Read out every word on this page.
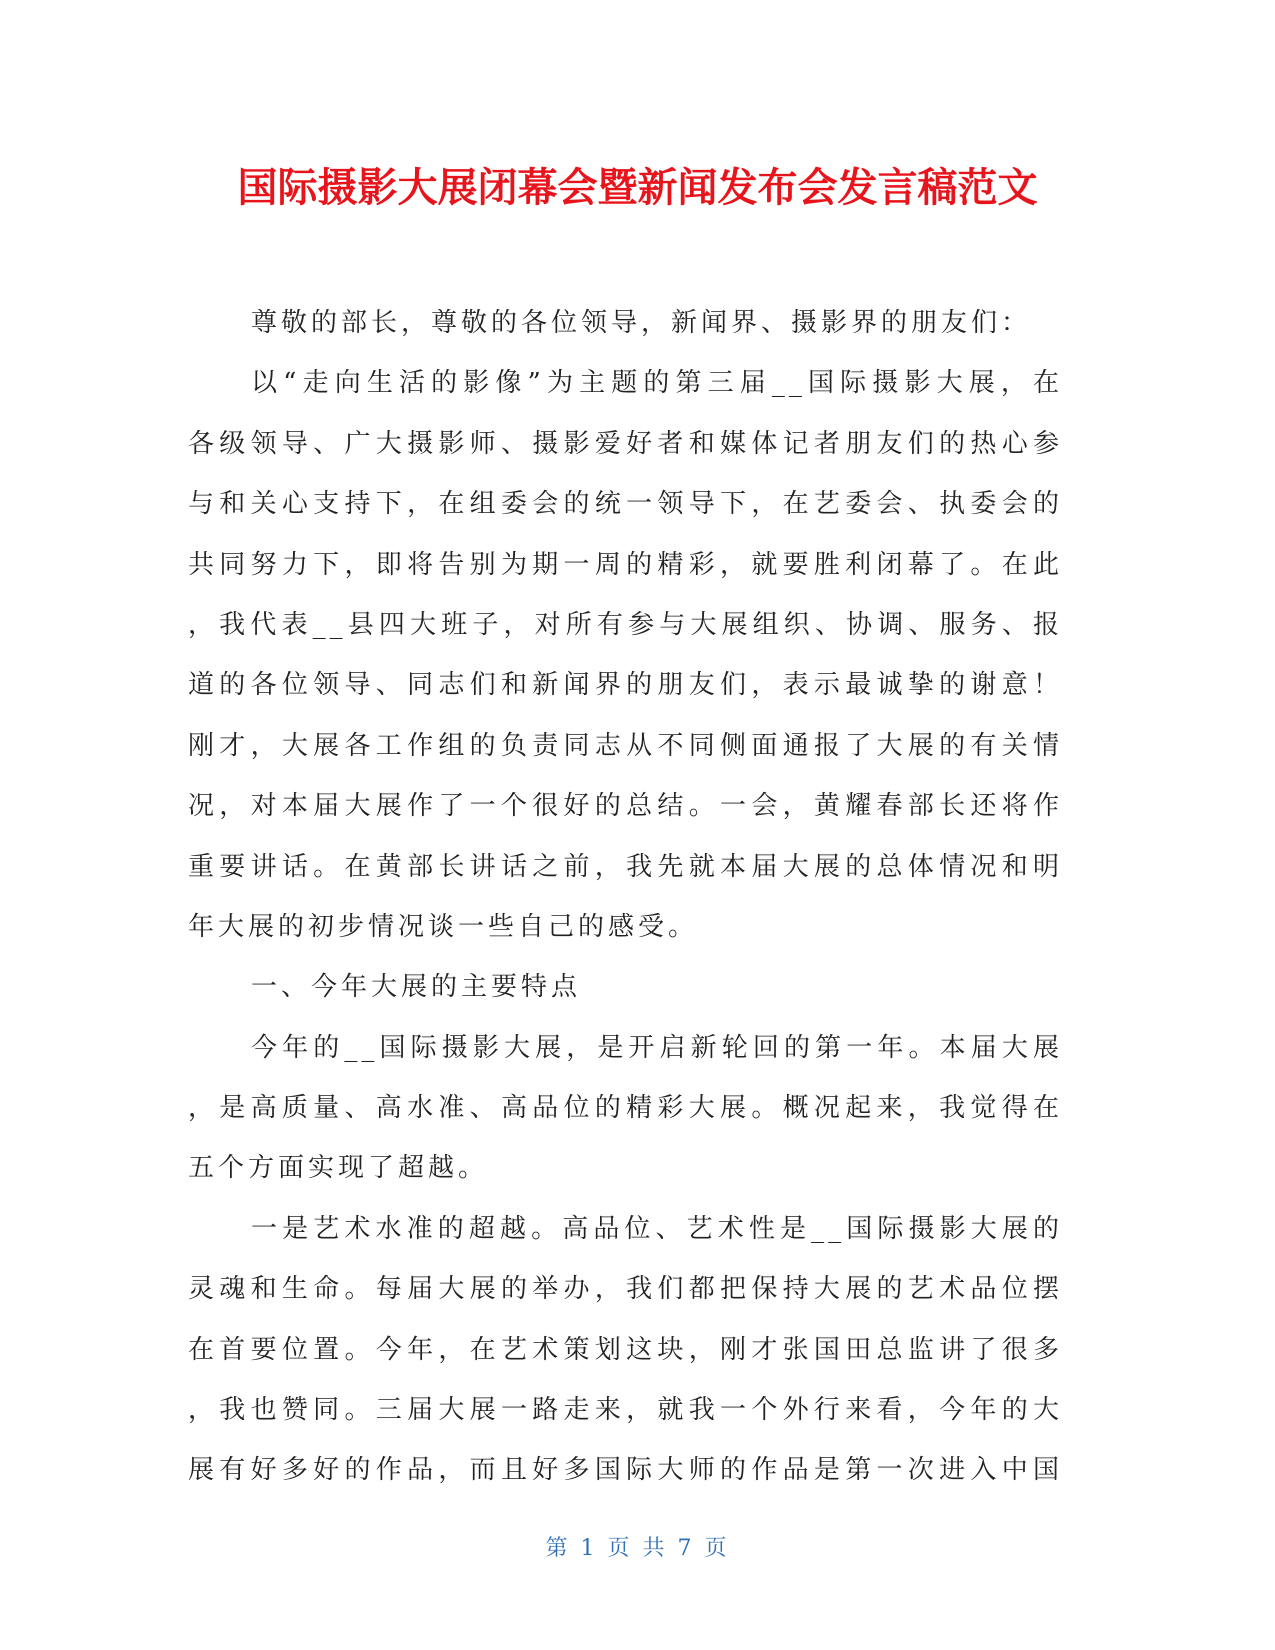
国际摄影大展闭幕会暨新闻发布会发言稿范文
尊敬的部长，尊敬的各位领导，新闻界、摄影界的朋友们：
以“走向生活的影像”为主题的第三届__国际摄影大展，在
各级领导、广大摄影师、摄影爱好者和媒体记者朋友们的热心参
与和关心支持下，在组委会的统一领导下，在艺委会、执委会的
共同努力下，即将告别为期一周的精彩，就要胜利闭幕了。在此
，我代表__县四大班子，对所有参与大展组织、协调、服务、报
道的各位领导、同志们和新闻界的朋友们，表示最诚挚的谢意！
刚才，大展各工作组的负责同志从不同侧面通报了大展的有关情
况，对本届大展作了一个很好的总结。一会，黄耀春部长还将作
重要讲话。在黄部长讲话之前，我先就本届大展的总体情况和明
年大展的初步情况谈一些自己的感受。
一、今年大展的主要特点
今年的__国际摄影大展，是开启新轮回的第一年。本届大展
，是高质量、高水准、高品位的精彩大展。概况起来，我觉得在
五个方面实现了超越。
一是艺术水准的超越。高品位、艺术性是__国际摄影大展的
灵魂和生命。每届大展的举办，我们都把保持大展的艺术品位摆
在首要位置。今年，在艺术策划这块，刚才张国田总监讲了很多
，我也赞同。三届大展一路走来，就我一个外行来看，今年的大
展有好多好的作品，而且好多国际大师的作品是第一次进入中国
第 1 页 共 7 页
